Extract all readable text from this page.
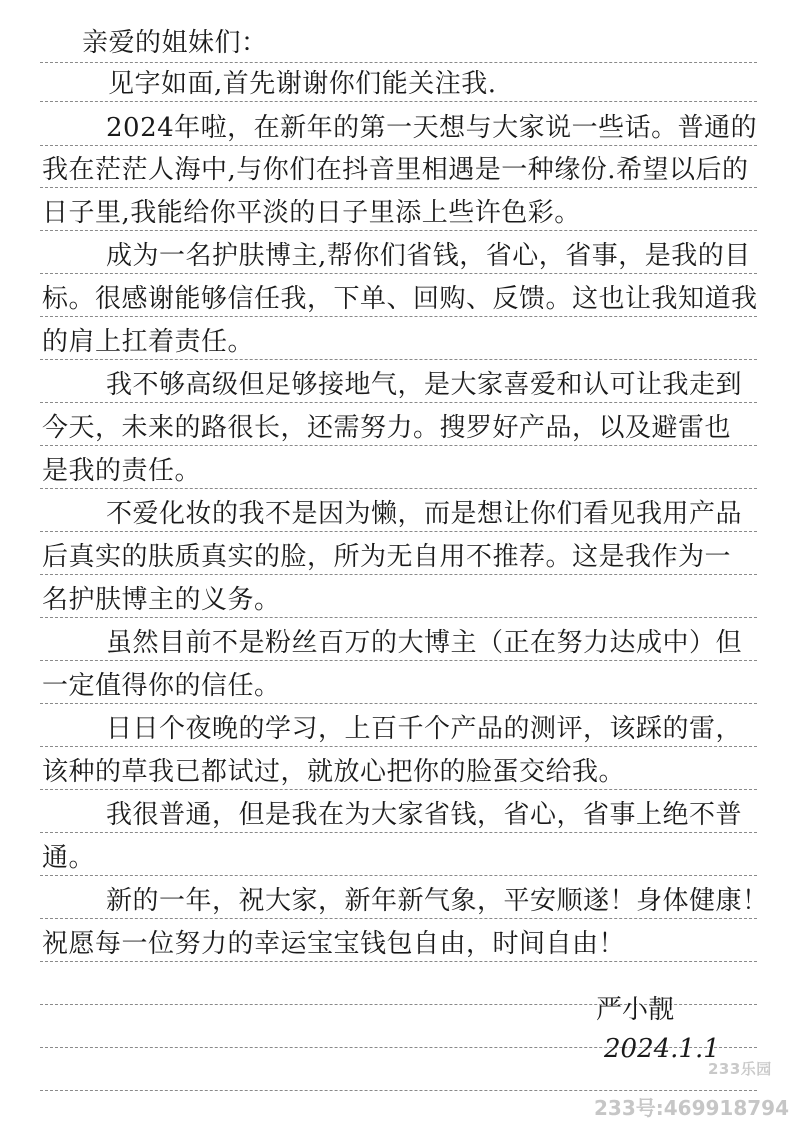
亲爱的姐妹们：
见字如面,首先谢谢你们能关注我.
2024年啦，在新年的第一天想与大家说一些话。普通的
我在茫茫人海中,与你们在抖音里相遇是一种缘份.希望以后的
日子里,我能给你平淡的日子里添上些许色彩。
成为一名护肤博主,帮你们省钱，省心，省事，是我的目
标。很感谢能够信任我，下单、回购、反馈。这也让我知道我
的肩上扛着责任。
我不够高级但足够接地气，是大家喜爱和认可让我走到
今天，未来的路很长，还需努力。搜罗好产品，以及避雷也
是我的责任。
不爱化妆的我不是因为懒，而是想让你们看见我用产品
后真实的肤质真实的脸，所为无自用不推荐。这是我作为一
名护肤博主的义务。
虽然目前不是粉丝百万的大博主（正在努力达成中）但
一定值得你的信任。
日日个夜晚的学习，上百千个产品的测评，该踩的雷，
该种的草我已都试过，就放心把你的脸蛋交给我。
我很普通，但是我在为大家省钱，省心，省事上绝不普
通。
新的一年，祝大家，新年新气象，平安顺遂！身体健康！
祝愿每一位努力的幸运宝宝钱包自由，时间自由！
严小靓
2024.1.1
233乐园
233号:469918794
